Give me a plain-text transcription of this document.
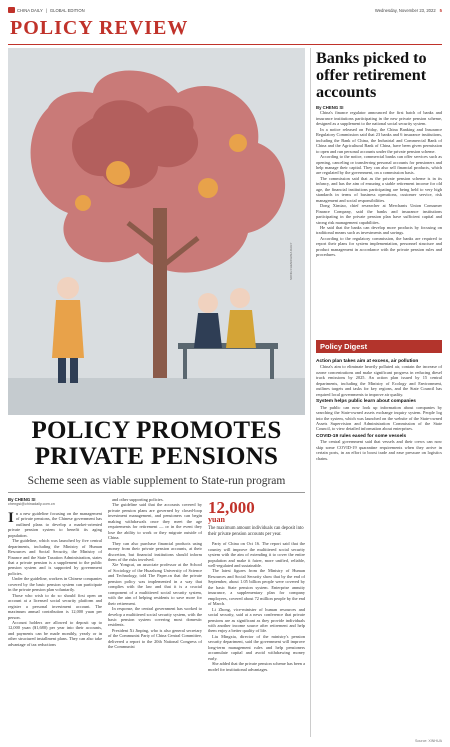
CHINA DAILY | GLOBAL EDITION	Wednesday, November 23, 2022 5
POLICY REVIEW
SONG CHEN/CHINA DAILY
POLICY PROMOTES PRIVATE PENSIONS
Scheme seen as viable supplement to State-run program

By CHENG SI

chengsi@chinadaily.com.cn

In a new guideline focusing on the management of private pensions, the Chinese government has outlined plans to develop a market-oriented private pension system to benefit its aging population.

The guideline, which was launched by five central departments, including the Ministry of Human Resources and Social Security, the Ministry of Finance and the State Taxation Administration, states that a private pension is a supplement to the public pension system and is supported by government policies.

Under the guideline, workers in Chinese companies covered by the basic pension system can participate in the private pension plan voluntarily.

Those who wish to do so should first open an account at a licensed social security platform and register a personal investment account. The maximum annual contribution is 12,000 yuan per person.

Account holders are allowed to deposit up to 12,000 yuan ($1,680) per year into their accounts, and payments can be made monthly, yearly or in other structured installment plans. They can also take advantage of tax reductions

and other supporting policies.

The guideline said that the accounts covered by private pension plans are governed by closed-loop investment management, and pensioners can begin making withdrawals once they meet the age requirements for retirement — or in the event they lose the ability to work or they migrate outside of China.

They can also purchase financial products using money from their private pension accounts, at their discretion, but financial institutions should inform them of the risks involved.

Xie Yongcai, an associate professor at the School of Sociology of the Huazhong University of Science and Technology, told The Paper.cn that the private pension policy was implemented in a way that complies with the law and that it is a crucial component of a multitiered social security system, with the aim of helping residents to save more for their retirement.

In response, the central government has worked to develop a multitiered social security system, with the basic pension system covering most domestic residents.

President Xi Jinping, who is also general secretary of the Communist Party of China Central Committee, delivered a report to the 20th National Congress of the Communist

12,000
yuan
The maximum amount individuals can deposit into their private pension accounts per year.

Party of China on Oct 16. The report said that the country will improve the multitiered social security system with the aim of extending it to cover the entire population and make it fairer, more unified, reliable, well-regulated and sustainable.

The latest figures from the Ministry of Human Resources and Social Security show that by the end of September, about 1.05 billion people were covered by the basic State pension system. Enterprise annuity insurance, a supplementary plan for company employees, covered about 72 million people by the end of March.

Li Zhong, vice-minister of human resources and social security, said at a news conference that private pensions are as significant as they provide individuals with another income source after retirement and help them enjoy a better quality of life.

Liu Mingxia, director of the ministry's pension security department, said the government will improve long-term management rules and help pensioners accumulate capital and avoid withdrawing money early.

She added that the private pension scheme has been a model for institutional advantages.

Banks picked to offer retirement accounts

By CHENG SI

China's finance regulator announced the first batch of banks and insurance institutions participating in the new private pension scheme, designed as a supplement to the national social security system.

In a notice released on Friday, the China Banking and Insurance Regulatory Commission said that 23 banks and 6 insurance institutions, including the Bank of China, the Industrial and Commercial Bank of China and the Agricultural Bank of China, have been given permission to open and run personal accounts under the private pension scheme.

According to the notice, commercial banks can offer services such as opening, canceling or transferring personal accounts for pensioners and help manage their capital. They can also sell financial products, which are regulated by the government, on a commission basis.

The commission said that as the private pension scheme is in its infancy, and has the aim of ensuring a stable retirement income for old age, the financial institutions participating are being held to very high standards in terms of business operations, customer service, risk management and social responsibilities.

Dong Ximiao, chief researcher at Merchants Union Consumer Finance Company, said the banks and insurance institutions participating in the private pension plan have sufficient capital and strong risk management capabilities.

He said that the banks can develop more products by focusing on traditional means such as investments and savings.

According to the regulatory commission, the banks are required to report their plans for system implementation, personnel structure and product management in accordance with the private pension rules and procedures.

Policy Digest

Action plan takes aim at excess, air pollution

China's aim to eliminate heavily polluted air, contain the increase of ozone concentrations and make significant progress in reducing diesel truck emissions by 2025. An action plan issued by 15 central departments, including the Ministry of Ecology and Environment, outlines targets and tasks for key regions, and the State Council has required local governments to improve air quality.

System helps public learn about companies

The public can now look up information about companies by searching the State-owned assets exchange inquiry system. People log into the system, which was launched on the website of the State-owned Assets Supervision and Administration Commission of the State Council, to view detailed information about enterprises.

COVID-19 rules eased for some vessels

The central government said that vessels and their crews can now skip some COVID-19 quarantine requirements when they arrive in certain ports, in an effort to boost trade and ease pressure on logistics chains.

Source: XINHUA
